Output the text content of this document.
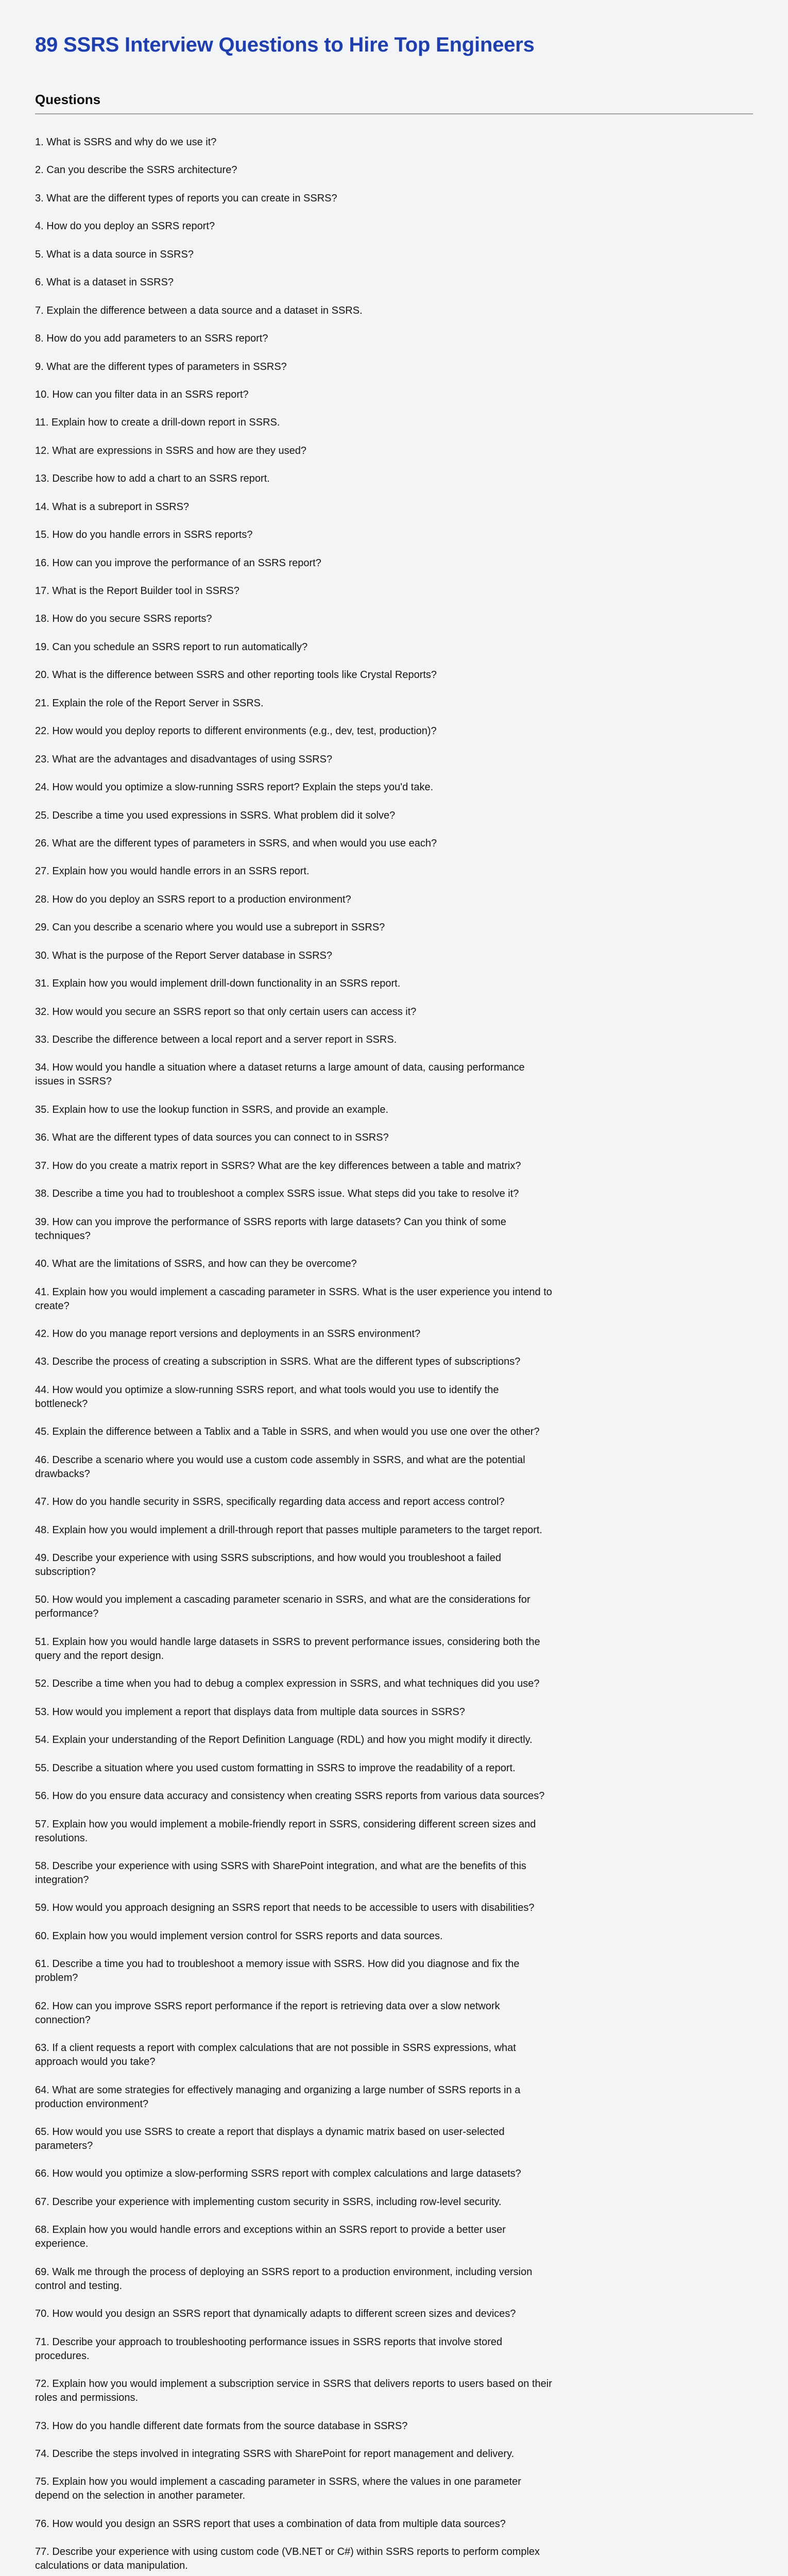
89 SSRS Interview Questions to Hire Top Engineers
Questions
1. What is SSRS and why do we use it?
2. Can you describe the SSRS architecture?
3. What are the different types of reports you can create in SSRS?
4. How do you deploy an SSRS report?
5. What is a data source in SSRS?
6. What is a dataset in SSRS?
7. Explain the difference between a data source and a dataset in SSRS.
8. How do you add parameters to an SSRS report?
9. What are the different types of parameters in SSRS?
10. How can you filter data in an SSRS report?
11. Explain how to create a drill-down report in SSRS.
12. What are expressions in SSRS and how are they used?
13. Describe how to add a chart to an SSRS report.
14. What is a subreport in SSRS?
15. How do you handle errors in SSRS reports?
16. How can you improve the performance of an SSRS report?
17. What is the Report Builder tool in SSRS?
18. How do you secure SSRS reports?
19. Can you schedule an SSRS report to run automatically?
20. What is the difference between SSRS and other reporting tools like Crystal Reports?
21. Explain the role of the Report Server in SSRS.
22. How would you deploy reports to different environments (e.g., dev, test, production)?
23. What are the advantages and disadvantages of using SSRS?
24. How would you optimize a slow-running SSRS report? Explain the steps you'd take.
25. Describe a time you used expressions in SSRS. What problem did it solve?
26. What are the different types of parameters in SSRS, and when would you use each?
27. Explain how you would handle errors in an SSRS report.
28. How do you deploy an SSRS report to a production environment?
29. Can you describe a scenario where you would use a subreport in SSRS?
30. What is the purpose of the Report Server database in SSRS?
31. Explain how you would implement drill-down functionality in an SSRS report.
32. How would you secure an SSRS report so that only certain users can access it?
33. Describe the difference between a local report and a server report in SSRS.
34. How would you handle a situation where a dataset returns a large amount of data, causing performance
issues in SSRS?
35. Explain how to use the lookup function in SSRS, and provide an example.
36. What are the different types of data sources you can connect to in SSRS?
37. How do you create a matrix report in SSRS? What are the key differences between a table and matrix?
38. Describe a time you had to troubleshoot a complex SSRS issue. What steps did you take to resolve it?
39. How can you improve the performance of SSRS reports with large datasets? Can you think of some
techniques?
40. What are the limitations of SSRS, and how can they be overcome?
41. Explain how you would implement a cascading parameter in SSRS. What is the user experience you intend to
create?
42. How do you manage report versions and deployments in an SSRS environment?
43. Describe the process of creating a subscription in SSRS. What are the different types of subscriptions?
44. How would you optimize a slow-running SSRS report, and what tools would you use to identify the
bottleneck?
45. Explain the difference between a Tablix and a Table in SSRS, and when would you use one over the other?
46. Describe a scenario where you would use a custom code assembly in SSRS, and what are the potential
drawbacks?
47. How do you handle security in SSRS, specifically regarding data access and report access control?
48. Explain how you would implement a drill-through report that passes multiple parameters to the target report.
49. Describe your experience with using SSRS subscriptions, and how would you troubleshoot a failed
subscription?
50. How would you implement a cascading parameter scenario in SSRS, and what are the considerations for
performance?
51. Explain how you would handle large datasets in SSRS to prevent performance issues, considering both the
query and the report design.
52. Describe a time when you had to debug a complex expression in SSRS, and what techniques did you use?
53. How would you implement a report that displays data from multiple data sources in SSRS?
54. Explain your understanding of the Report Definition Language (RDL) and how you might modify it directly.
55. Describe a situation where you used custom formatting in SSRS to improve the readability of a report.
56. How do you ensure data accuracy and consistency when creating SSRS reports from various data sources?
57. Explain how you would implement a mobile-friendly report in SSRS, considering different screen sizes and
resolutions.
58. Describe your experience with using SSRS with SharePoint integration, and what are the benefits of this
integration?
59. How would you approach designing an SSRS report that needs to be accessible to users with disabilities?
60. Explain how you would implement version control for SSRS reports and data sources.
61. Describe a time you had to troubleshoot a memory issue with SSRS. How did you diagnose and fix the
problem?
62. How can you improve SSRS report performance if the report is retrieving data over a slow network
connection?
63. If a client requests a report with complex calculations that are not possible in SSRS expressions, what
approach would you take?
64. What are some strategies for effectively managing and organizing a large number of SSRS reports in a
production environment?
65. How would you use SSRS to create a report that displays a dynamic matrix based on user-selected
parameters?
66. How would you optimize a slow-performing SSRS report with complex calculations and large datasets?
67. Describe your experience with implementing custom security in SSRS, including row-level security.
68. Explain how you would handle errors and exceptions within an SSRS report to provide a better user
experience.
69. Walk me through the process of deploying an SSRS report to a production environment, including version
control and testing.
70. How would you design an SSRS report that dynamically adapts to different screen sizes and devices?
71. Describe your approach to troubleshooting performance issues in SSRS reports that involve stored
procedures.
72. Explain how you would implement a subscription service in SSRS that delivers reports to users based on their
roles and permissions.
73. How do you handle different date formats from the source database in SSRS?
74. Describe the steps involved in integrating SSRS with SharePoint for report management and delivery.
75. Explain how you would implement a cascading parameter in SSRS, where the values in one parameter
depend on the selection in another parameter.
76. How would you design an SSRS report that uses a combination of data from multiple data sources?
77. Describe your experience with using custom code (VB.NET or C#) within SSRS reports to perform complex
calculations or data manipulation.
